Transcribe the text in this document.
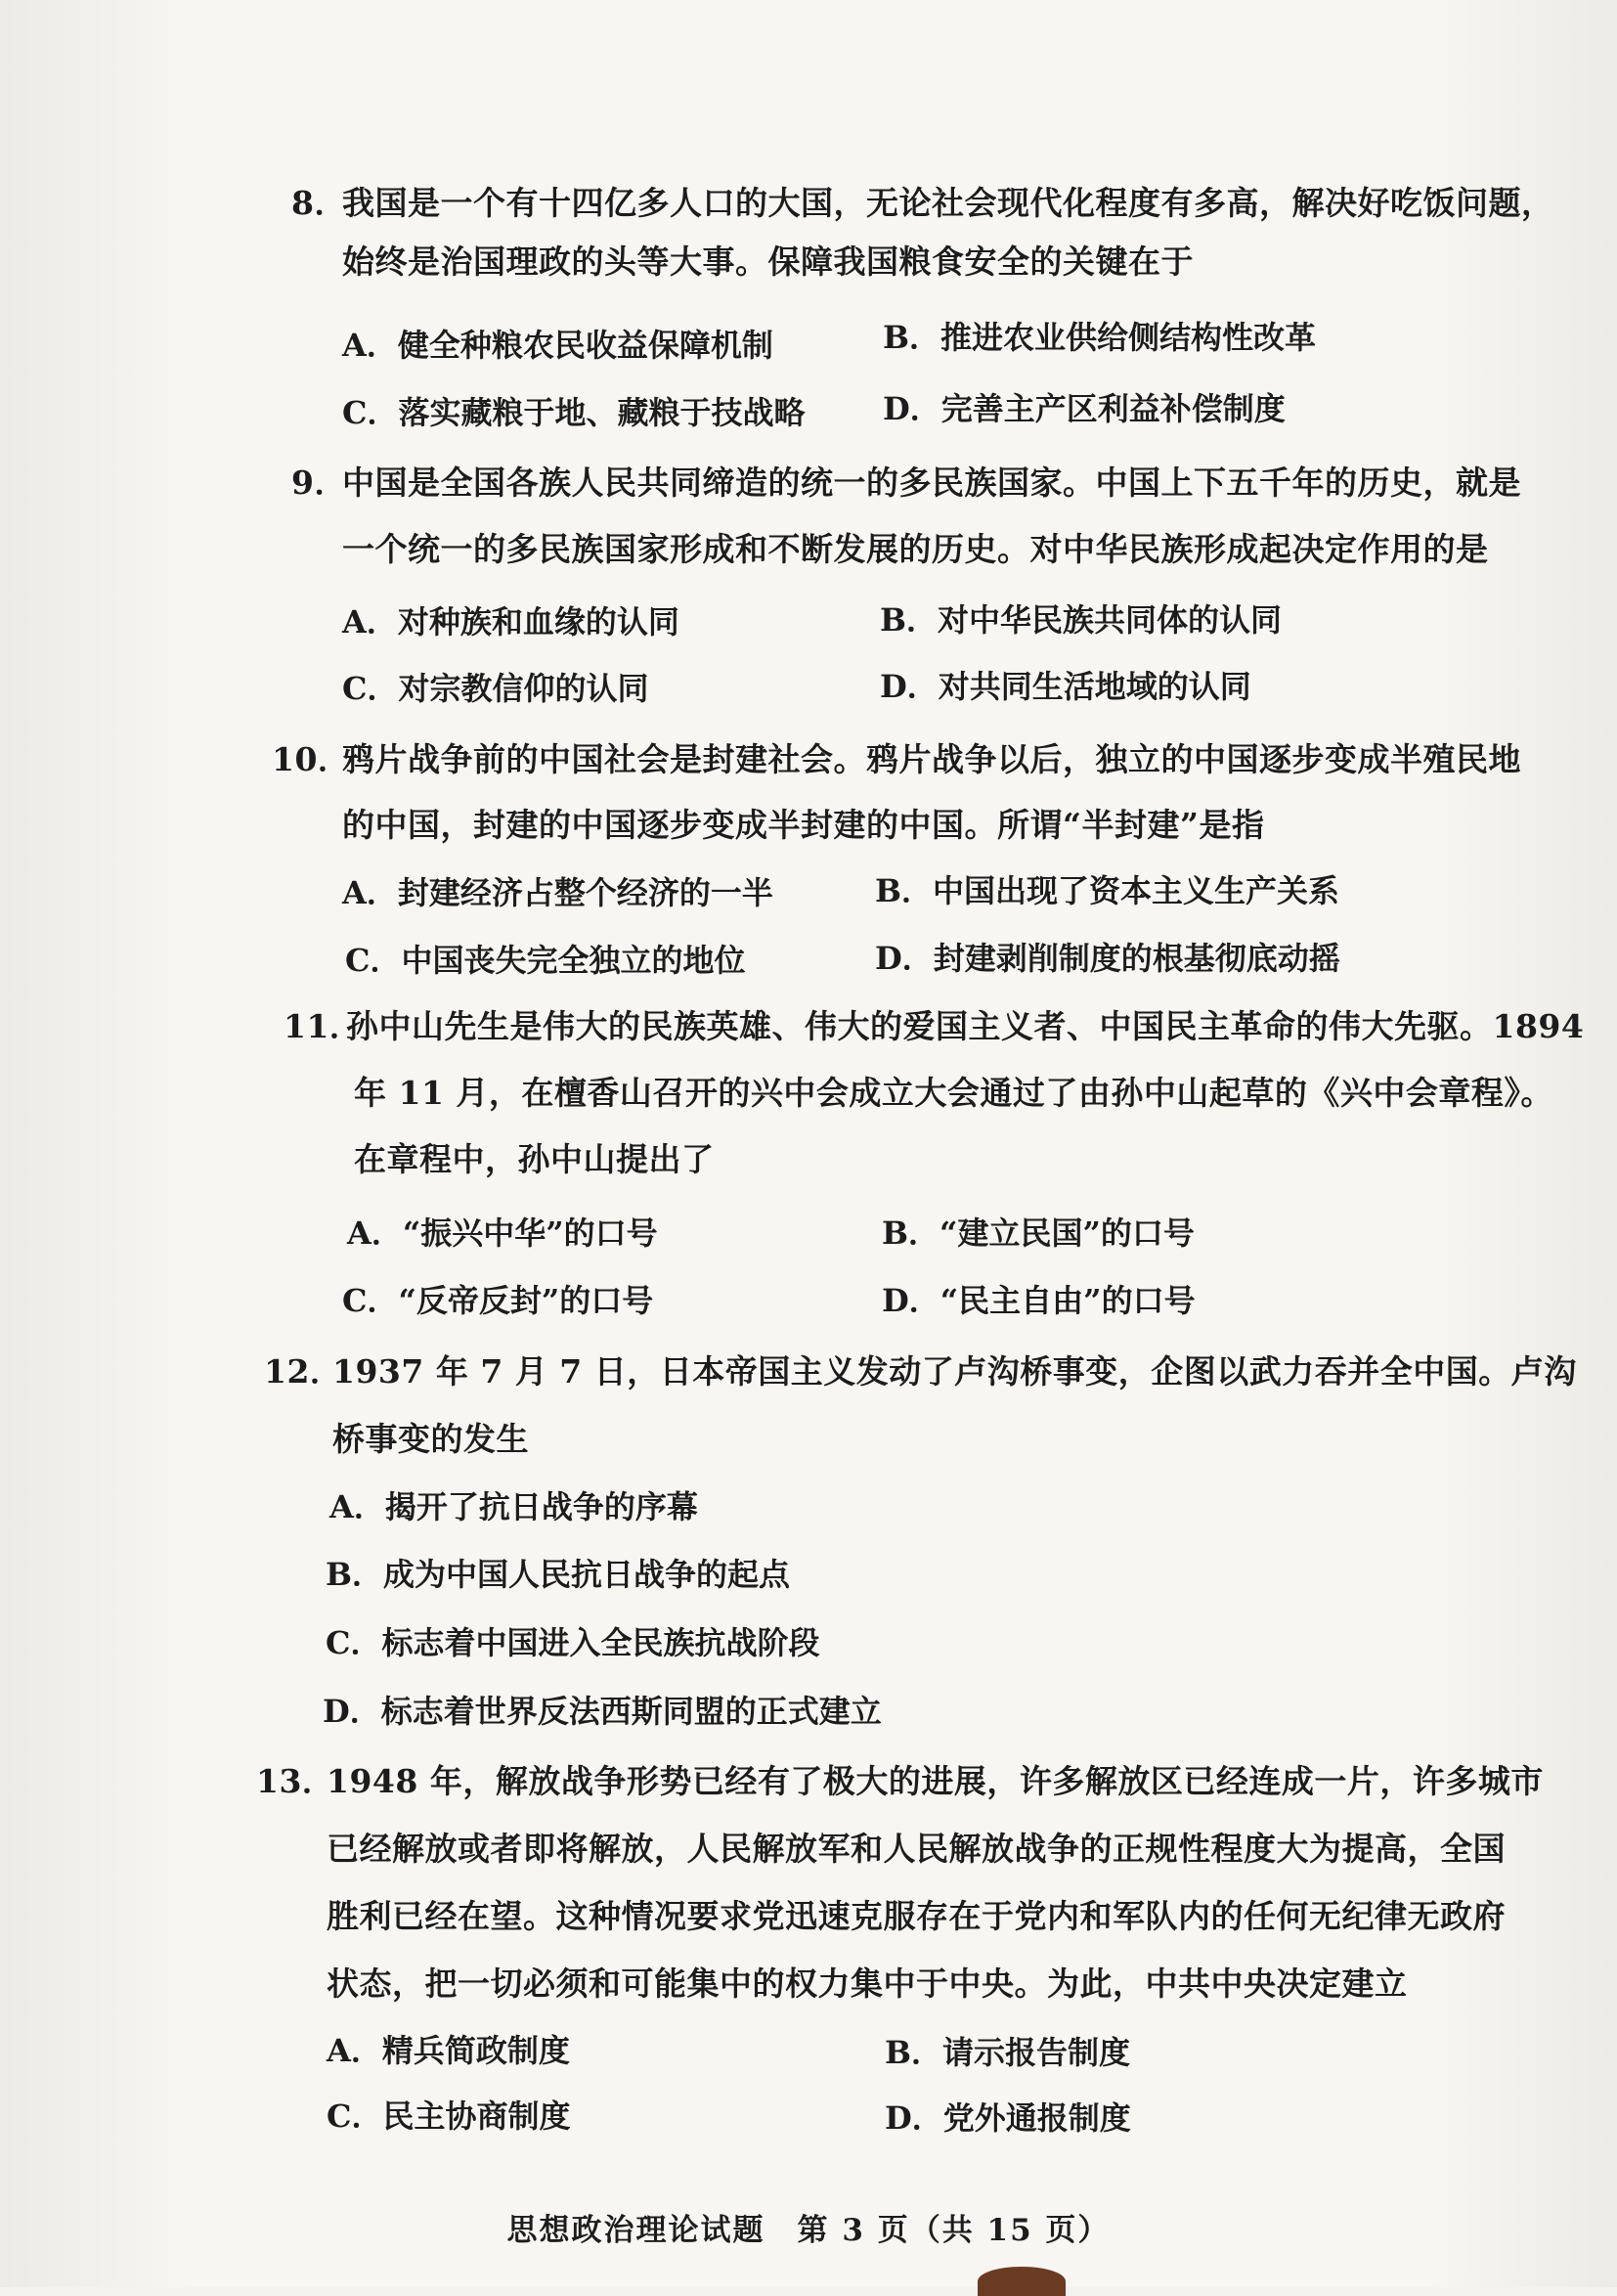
8．
我国是一个有十四亿多人口的大国，无论社会现代化程度有多高，解决好吃饭问题，
始终是治国理政的头等大事。保障我国粮食安全的关键在于
A．健全种粮农民收益保障机制	B．推进农业供给侧结构性改革
C．落实藏粮于地、藏粮于技战略 D．完善主产区利益补偿制度
9．
中国是全国各族人民共同缔造的统一的多民族国家。中国上下五千年的历史，就是
一个统一的多民族国家形成和不断发展的历史。对中华民族形成起决定作用的是
A．对种族和血缘的认同	B．对中华民族共同体的认同
C．对宗教信仰的认同	D．对共同生活地域的认同
10．
鸦片战争前的中国社会是封建社会。鸦片战争以后，独立的中国逐步变成半殖民地
的中国，封建的中国逐步变成半封建的中国。所谓“半封建”是指
A．封建经济占整个经济的一半	B．中国出现了资本主义生产关系
C．中国丧失完全独立的地位	D．封建剥削制度的根基彻底动摇
11．
孙中山先生是伟大的民族英雄、伟大的爱国主义者、中国民主革命的伟大先驱。1894
年 11 月，在檀香山召开的兴中会成立大会通过了由孙中山起草的《兴中会章程》。
在章程中，孙中山提出了
A．“振兴中华”的口号	B．“建立民国”的口号
C．“反帝反封”的口号	D．“民主自由”的口号
12．
1937 年 7 月 7 日，日本帝国主义发动了卢沟桥事变，企图以武力吞并全中国。卢沟
桥事变的发生
A．揭开了抗日战争的序幕
B．成为中国人民抗日战争的起点
C．标志着中国进入全民族抗战阶段
D．标志着世界反法西斯同盟的正式建立
13．
1948 年，解放战争形势已经有了极大的进展，许多解放区已经连成一片，许多城市
已经解放或者即将解放，人民解放军和人民解放战争的正规性程度大为提高，全国
胜利已经在望。这种情况要求党迅速克服存在于党内和军队内的任何无纪律无政府
状态，把一切必须和可能集中的权力集中于中央。为此，中共中央决定建立
A．精兵简政制度	B．请示报告制度
C．民主协商制度	D．党外通报制度
思想政治理论试题　第 3 页（共 15 页）
